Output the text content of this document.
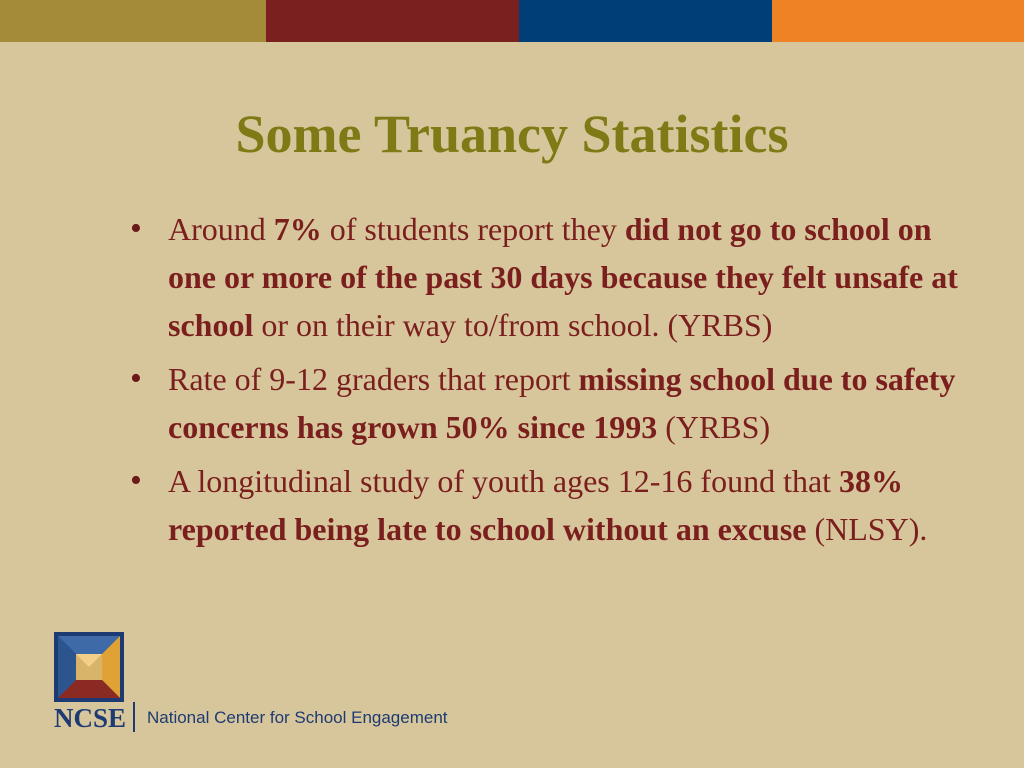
Some Truancy Statistics
• Around 7% of students report they did not go to school on one or more of the past 30 days because they felt unsafe at school or on their way to/from school. (YRBS)
• Rate of 9-12 graders that report missing school due to safety concerns has grown 50% since 1993 (YRBS)
• A longitudinal study of youth ages 12-16 found that 38% reported being late to school without an excuse (NLSY).
NCSE National Center for School Engagement
